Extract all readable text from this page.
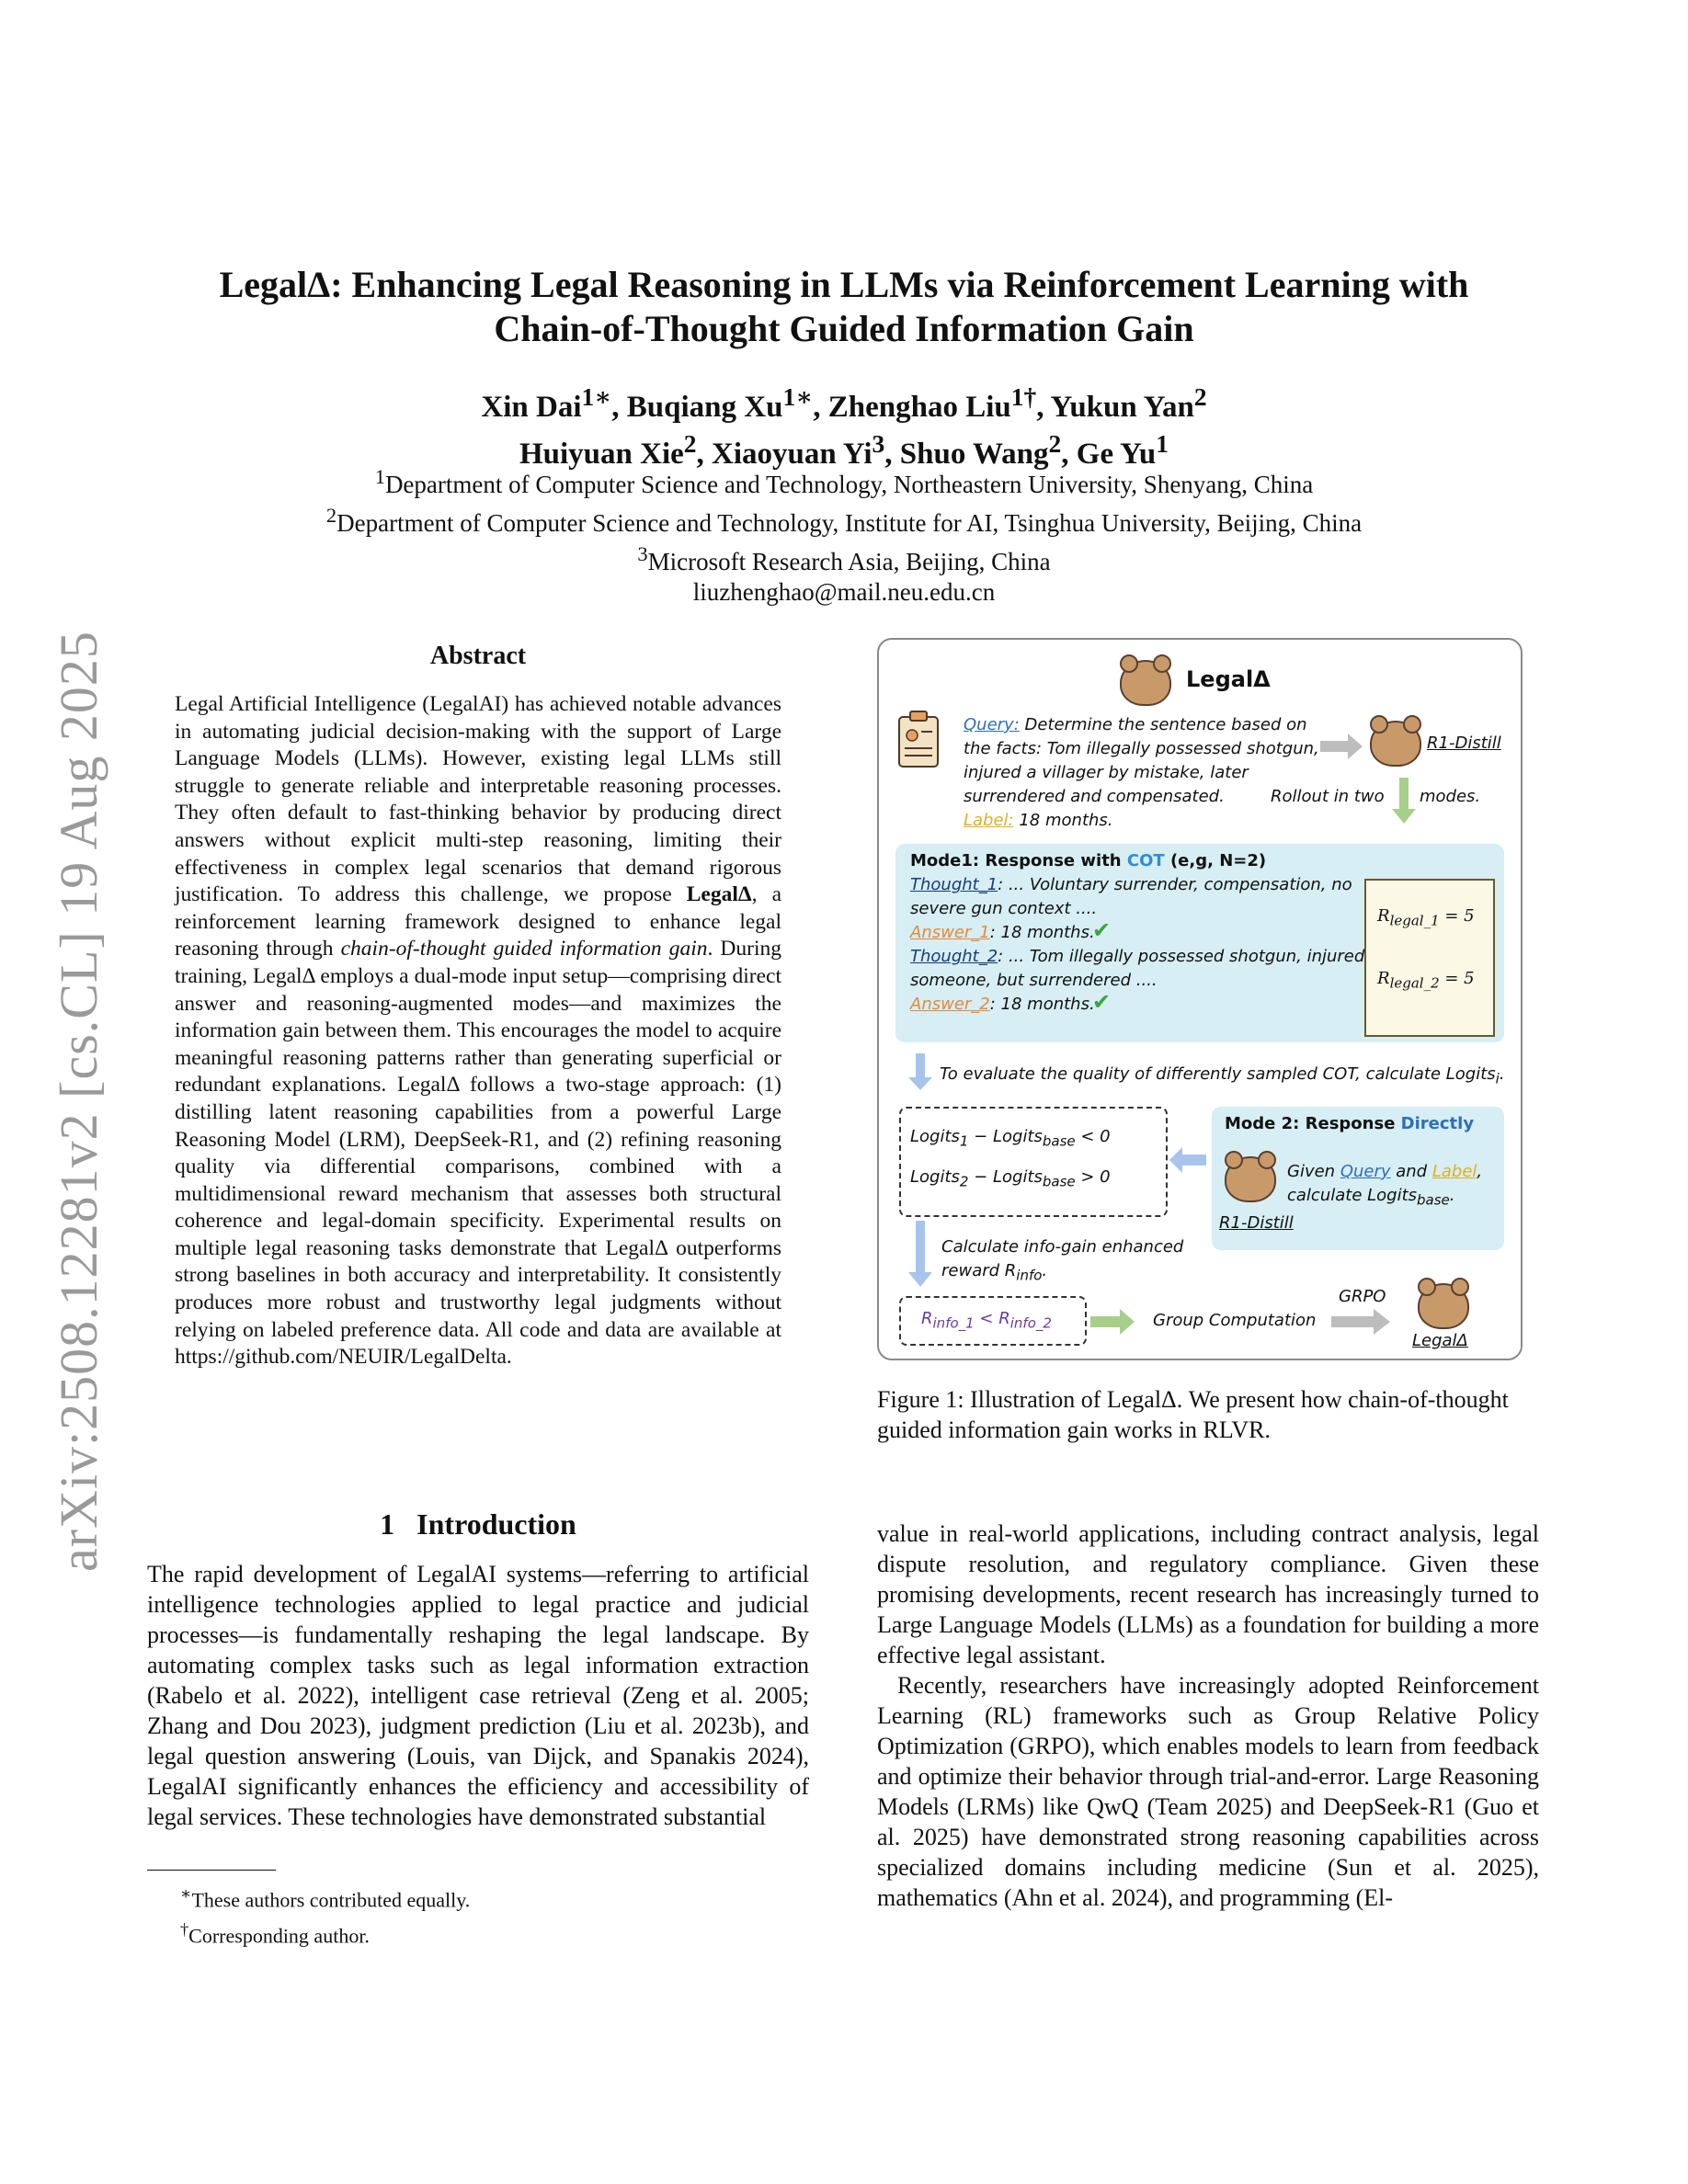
arXiv:2508.12281v2 [cs.CL] 19 Aug 2025
LegalΔ: Enhancing Legal Reasoning in LLMs via Reinforcement Learning with
Chain-of-Thought Guided Information Gain
Xin Dai$^{1∗}$, Buqiang $Xu^{1∗}$, Zhenghao Liu$^{1\dagger}$, Yukun Yan$^2$
Huiyuan Xie$^2$, Xiaoyuan Yi$^3$, Shuo Wang$^2$, Ge Yu$^1$
$^1$Department of Computer Science and Technology, Northeastern University, Shenyang, China
$^2$Department of Computer Science and Technology, Institute for AI, Tsinghua University, Beijing, China
$^3$Microsoft Research Asia, Beijing, China
liuzhenghao@mail.neu.edu.cn
Abstract

Legal Artificial Intelligence (LegalAI) has achieved notable advances in automating judicial decision-making with the support of Large Language Models (LLMs). However, existing legal LLMs still struggle to generate reliable and interpretable reasoning processes. They often default to fast-thinking behavior by producing direct answers without explicit multi-step reasoning, limiting their effectiveness in complex legal scenarios that demand rigorous justification. To address this challenge, we propose LegalΔ, a reinforcement learning framework designed to enhance legal reasoning through chain-of-thought guided information gain. During training, LegalΔ employs a dual-mode input setup—comprising direct answer and reasoning-augmented modes—and maximizes the information gain between them. This encourages the model to acquire meaningful reasoning patterns rather than generating superficial or redundant explanations. LegalΔ follows a two-stage approach: (1) distilling latent reasoning capabilities from a powerful Large Reasoning Model (LRM), DeepSeek-R1, and (2) refining reasoning quality via differential comparisons, combined with a multidimensional reward mechanism that assesses both structural coherence and legal-domain specificity. Experimental results on multiple legal reasoning tasks demonstrate that LegalΔ outperforms strong baselines in both accuracy and interpretability. It consistently produces more robust and trustworthy legal judgments without relying on labeled preference data. All code and data are available at https://github.com/NEUIR/LegalDelta.

1 Introduction

The rapid development of LegalAI systems—referring to artificial intelligence technologies applied to legal practice and judicial processes—is fundamentally reshaping the legal landscape. By automating complex tasks such as legal information extraction (Rabelo et al. 2022), intelligent case retrieval (Zeng et al. 2005; Zhang and Dou 2023), judgment prediction (Liu et al. 2023b), and legal question answering (Louis, van Dijck, and Spanakis 2024), LegalAI significantly enhances the efficiency and accessibility of legal services. These technologies have demonstrated substantial

value in real-world applications, including contract analysis, legal dispute resolution, and regulatory compliance. Given these promising developments, recent research has increasingly turned to Large Language Models (LLMs) as a foundation for building a more effective legal assistant.

Recently, researchers have increasingly adopted Reinforcement Learning (RL) frameworks such as Group Relative Policy Optimization (GRPO), which enables models to learn from feedback and optimize their behavior through trial-and-error. Large Reasoning Models (LRMs) like QwQ (Team 2025) and DeepSeek-R1 (Guo et al. 2025) have demonstrated strong reasoning capabilities across specialized domains including medicine (Sun et al. 2025), mathematics (Ahn et al. 2024), and programming (El-

∗These authors contributed equally.
†Corresponding author.
LegalΔ
Query: Determine the sentence based on
the facts: Tom illegally possessed shotgun,
injured a villager by mistake, later
surrendered and compensated.
Label: 18 months.
Rollout in two modes.
R1-Distill
Mode1: Response with COT (e,g, N=2)
Thought_1: ... Voluntary surrender, compensation, no
severe gun context ....
Answer_1: 18 months.
✔
Thought_2: ... Tom illegally possessed shotgun, injured
someone, but surrendered ....
Answer_2: 18 months.
✔
$R_{legal\_1} = 5$
$R_{legal\_2} = 5$
To evaluate the quality of differently sampled COT, calculate Logits$_i$.
Logits$_1$ − Logits$_{base}$ < 0
Logits$_2$ − Logits$_{base}$ > 0
Mode 2: Response Directly
Given Query and Label,
calculate Logits$_{base}$.
R1-Distill
Calculate info-gain enhanced
reward $R_{info}$.
$R_{info\_1} < R_{info\_2}$	Group Computation
GRPO
LegalΔ

Figure 1: Illustration of LegalΔ. We present how chain-of-thought guided information gain works in RLVR.
